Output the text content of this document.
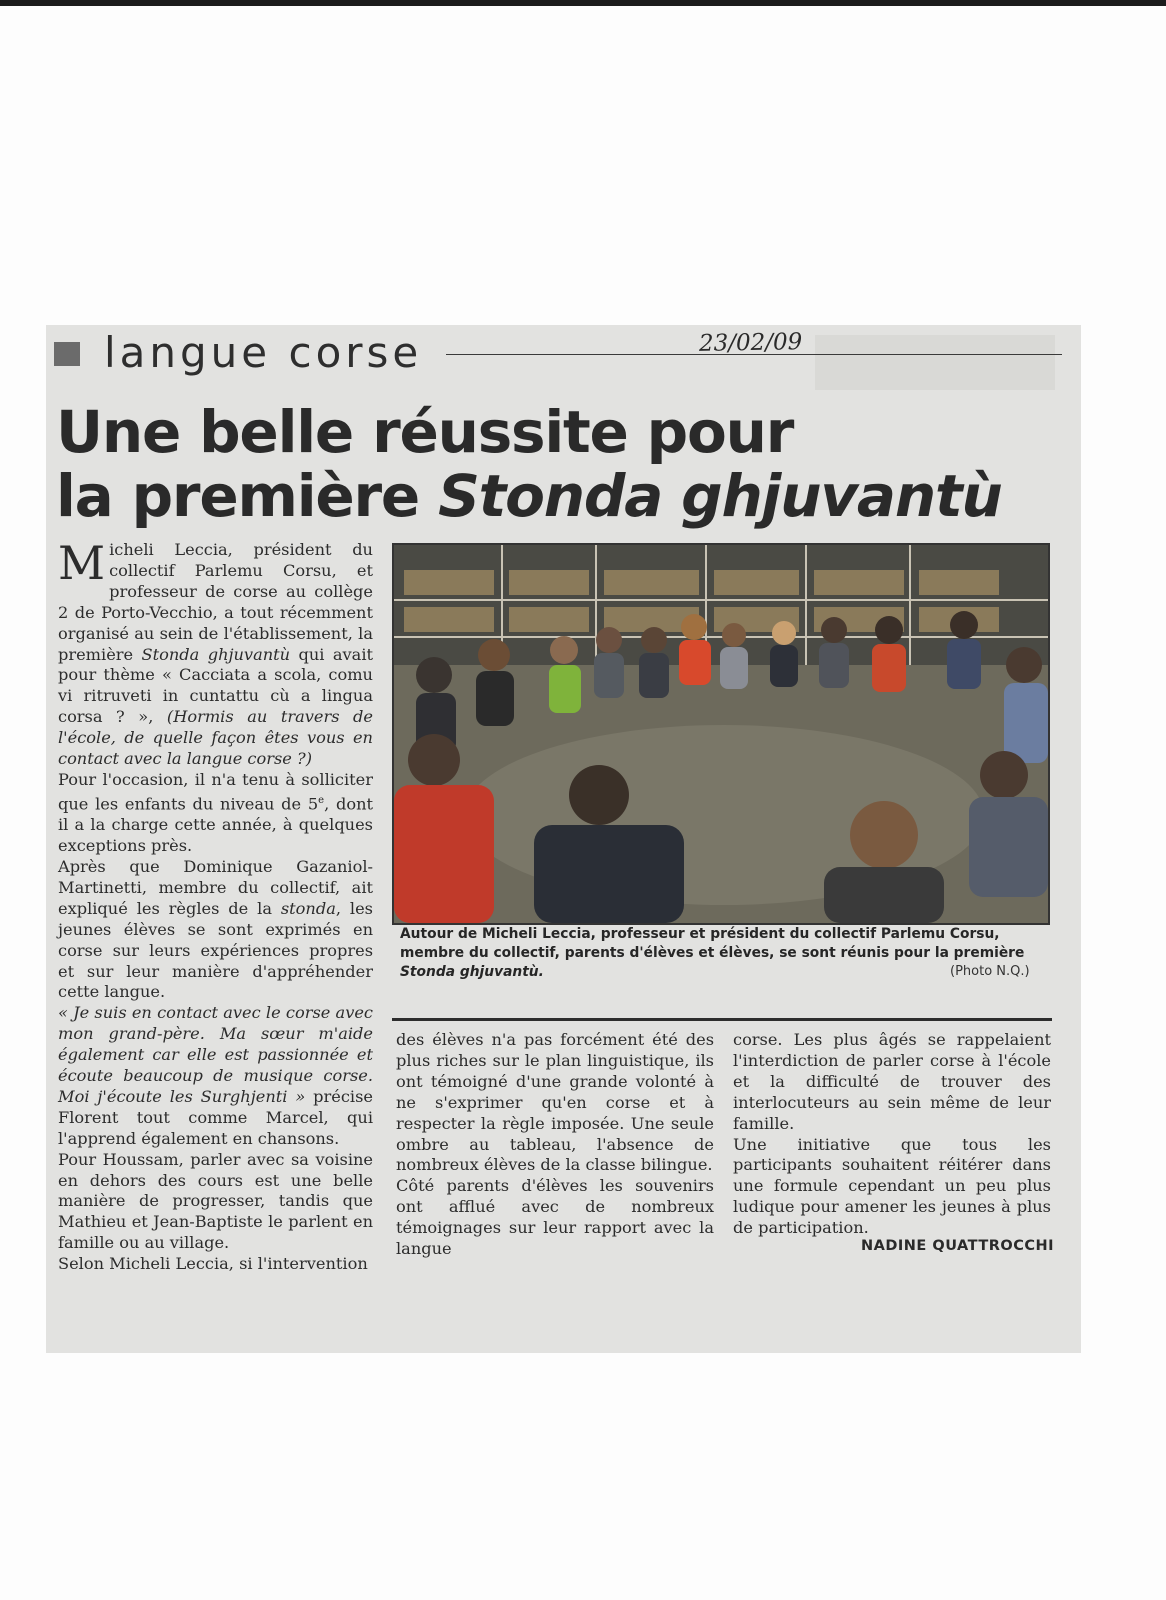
langue corse	23/02/09
Une belle réussite pour
la première Stonda ghjuvantù

Micheli Leccia, président du collectif Parlemu Corsu, et professeur de corse au collège 2 de Porto-Vecchio, a tout récemment organisé au sein de l'établissement, la première Stonda ghjuvantù qui avait pour thème « Cacciata a scola, comu vi ritruveti in cuntattu cù a lingua corsa ? », (Hormis au travers de l'école, de quelle façon êtes vous en contact avec la langue corse ?)

Pour l'occasion, il n'a tenu à solliciter que les enfants du niveau de 5e, dont il a la charge cette année, à quelques exceptions près.

Après que Dominique Gazaniol-Martinetti, membre du collectif, ait expliqué les règles de la stonda, les jeunes élèves se sont exprimés en corse sur leurs expériences propres et sur leur manière d'appréhender cette langue.

« Je suis en contact avec le corse avec mon grand-père. Ma sœur m'aide également car elle est passionnée et écoute beaucoup de musique corse. Moi j'écoute les Surghjenti » précise Florent tout comme Marcel, qui l'apprend également en chansons.

Pour Houssam, parler avec sa voisine en dehors des cours est une belle manière de progresser, tandis que Mathieu et Jean-Baptiste le parlent en famille ou au village.

Selon Micheli Leccia, si l'intervention

Autour de Micheli Leccia, professeur et président du collectif Parlemu Corsu, membre du collectif, parents d'élèves et élèves, se sont réunis pour la première Stonda ghjuvantù.	(Photo N.Q.)

des élèves n'a pas forcément été des plus riches sur le plan linguistique, ils ont témoigné d'une grande volonté à ne s'exprimer qu'en corse et à respecter la règle imposée. Une seule ombre au tableau, l'absence de nombreux élèves de la classe bilingue.

Côté parents d'élèves les souvenirs ont afflué avec de nombreux témoignages sur leur rapport avec la langue

corse. Les plus âgés se rappelaient l'interdiction de parler corse à l'école et la difficulté de trouver des interlocuteurs au sein même de leur famille.

Une initiative que tous les participants souhaitent réitérer dans une formule cependant un peu plus ludique pour amener les jeunes à plus de participation.

NADINE QUATTROCCHI
